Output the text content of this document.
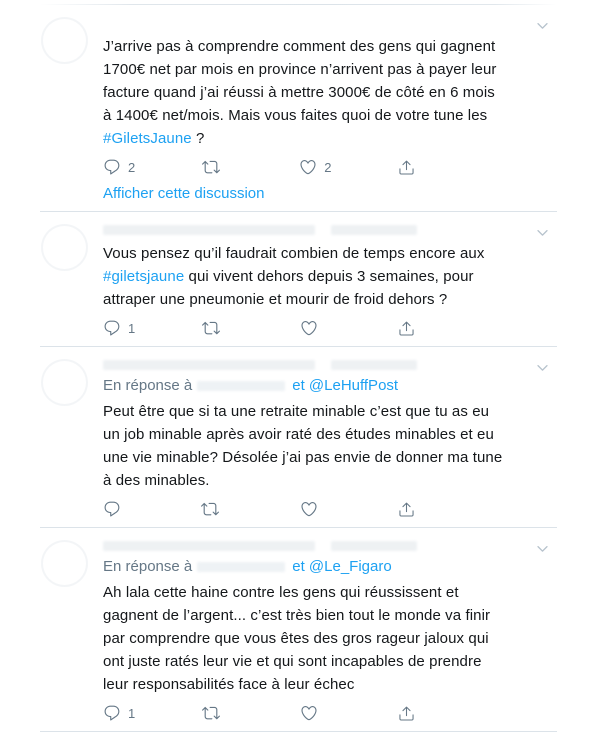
J’arrive pas à comprendre comment des gens qui gagnent
1700€ net par mois en province n’arrivent pas à payer leur
facture quand j’ai réussi à mettre 3000€ de côté en 6 mois
à 1400€ net/mois. Mais vous faites quoi de votre tune les
#GiletsJaune ?
2	2
Afficher cette discussion
Vous pensez qu’il faudrait combien de temps encore aux
#giletsjaune qui vivent dehors depuis 3 semaines, pour
attraper une pneumonie et mourir de froid dehors ?
1
En réponse à	et @LeHuffPost
Peut être que si ta une retraite minable c’est que tu as eu
un job minable après avoir raté des études minables et eu
une vie minable? Désolée j’ai pas envie de donner ma tune
à des minables.
En réponse à	et @Le_Figaro
Ah lala cette haine contre les gens qui réussissent et
gagnent de l’argent... c’est très bien tout le monde va finir
par comprendre que vous êtes des gros rageur jaloux qui
ont juste ratés leur vie et qui sont incapables de prendre
leur responsabilités face à leur échec
1
